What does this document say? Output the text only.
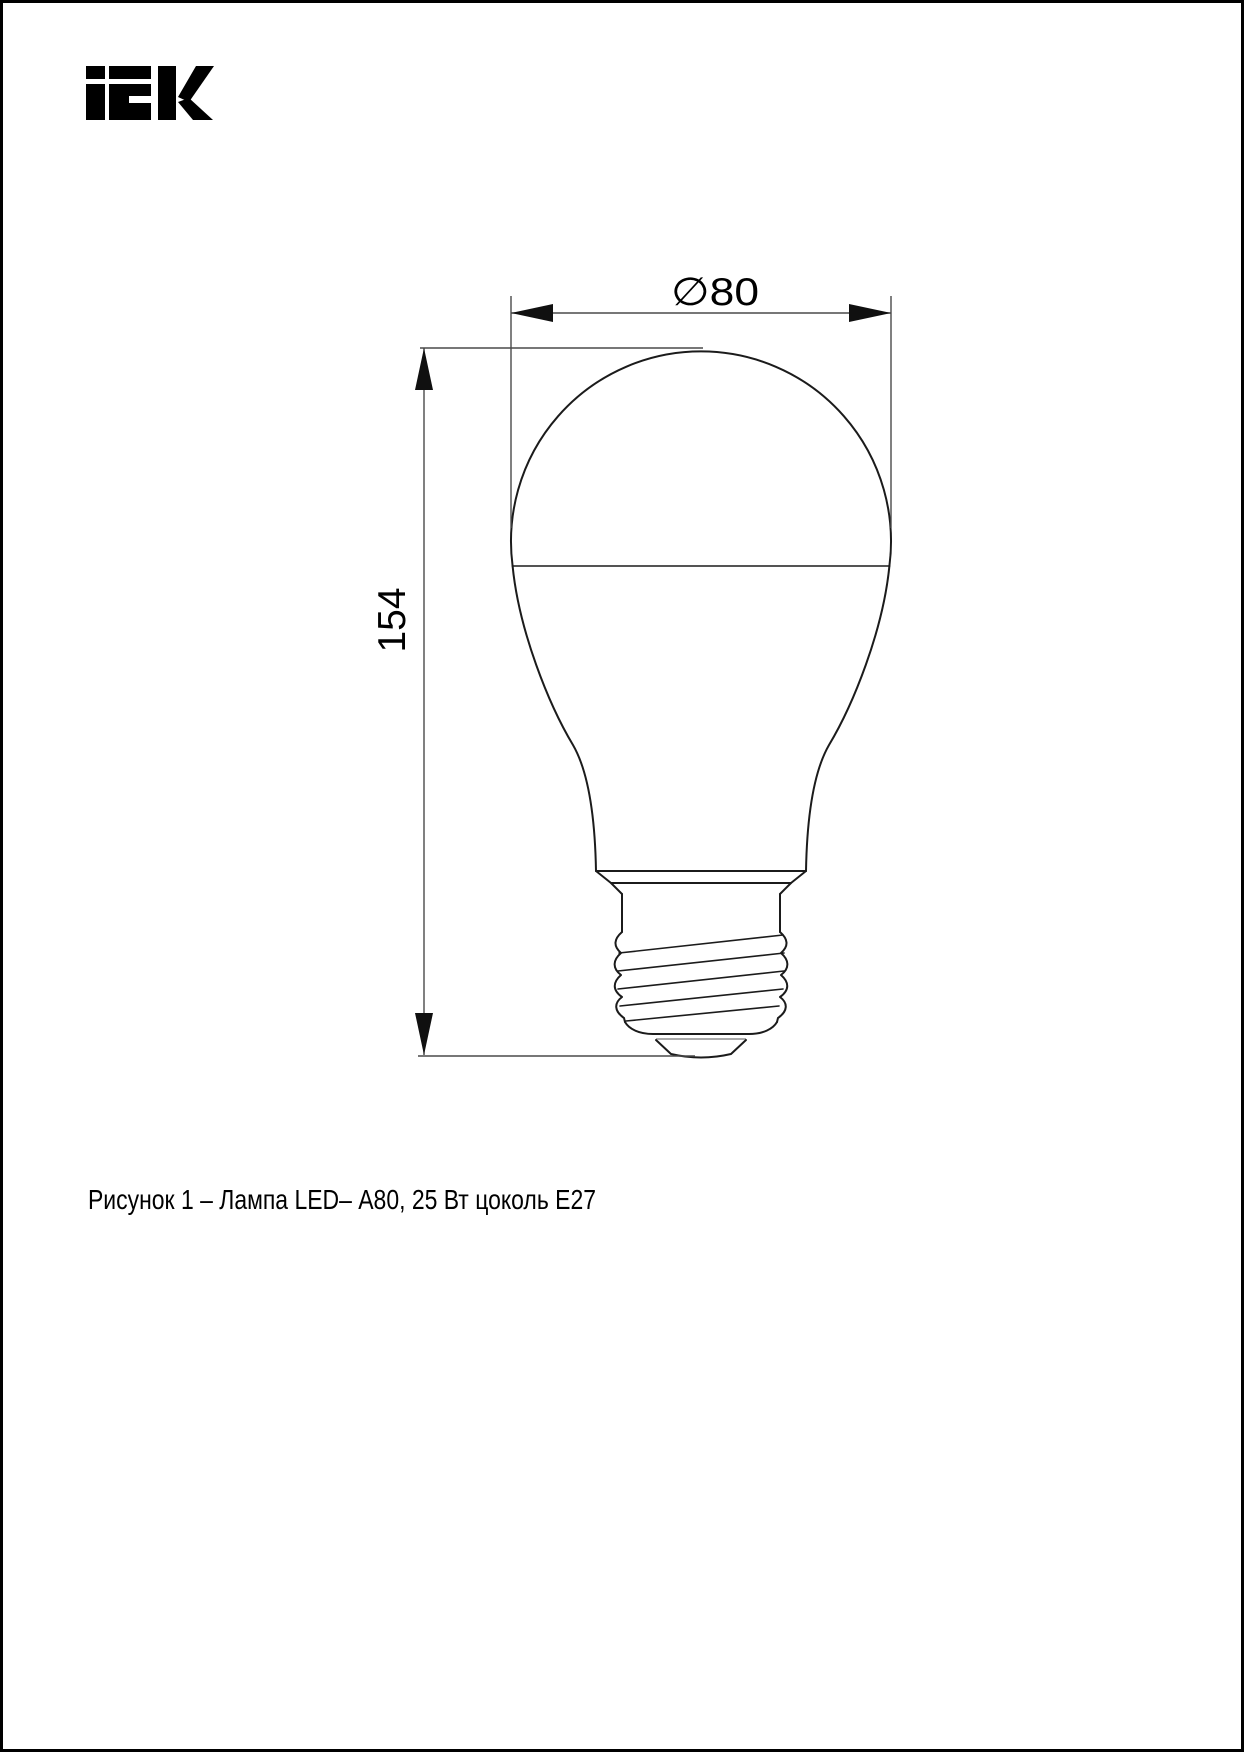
∅80
154
Рисунок 1 – Лампа LED– А80, 25 Вт цоколь Е27
